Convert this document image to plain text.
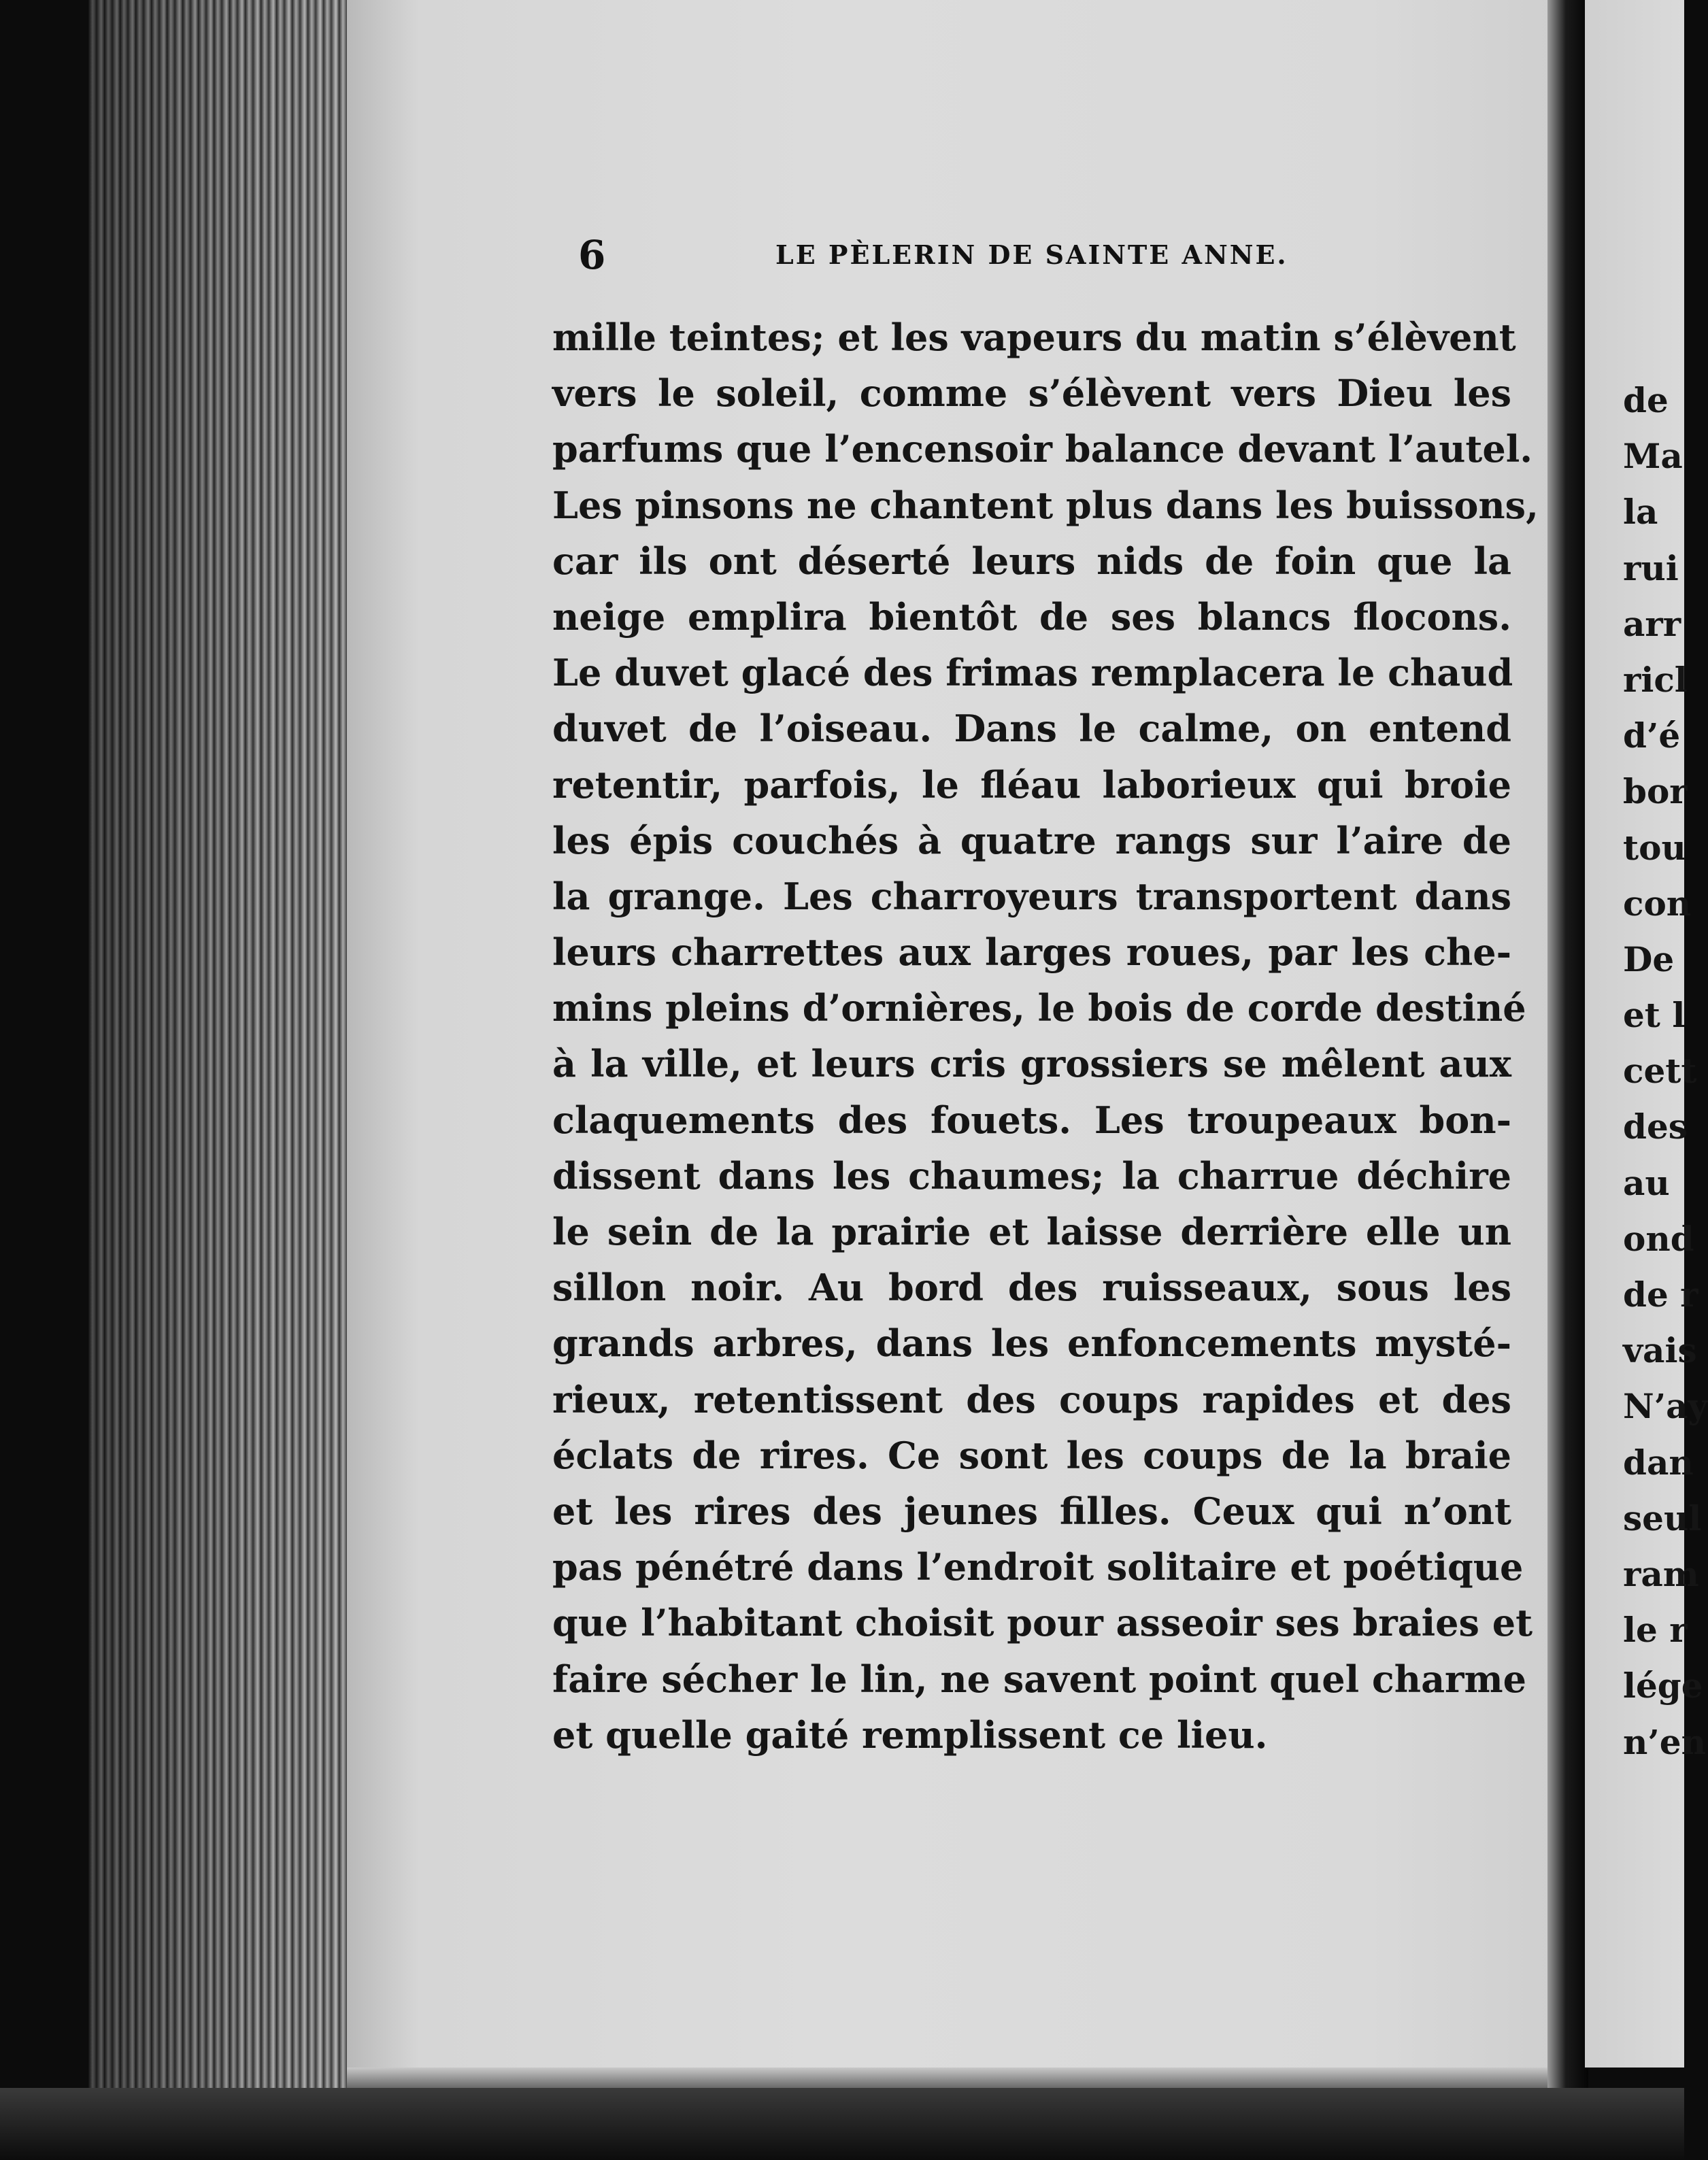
6	LE PÈLERIN DE SAINTE ANNE.
mille teintes; et les vapeurs du matin s’élèvent
vers le soleil, comme s’élèvent vers Dieu les
parfums que l’encensoir balance devant l’autel.
Les pinsons ne chantent plus dans les buissons,
car ils ont déserté leurs nids de foin que la
neige emplira bientôt de ses blancs flocons.
Le duvet glacé des frimas remplacera le chaud
duvet de l’oiseau. Dans le calme, on entend
retentir, parfois, le fléau laborieux qui broie
les épis couchés à quatre rangs sur l’aire de
la grange. Les charroyeurs transportent dans
leurs charrettes aux larges roues, par les che-
mins pleins d’ornières, le bois de corde destiné
à la ville, et leurs cris grossiers se mêlent aux
claquements des fouets. Les troupeaux bon-
dissent dans les chaumes; la charrue déchire
le sein de la prairie et laisse derrière elle un
sillon noir. Au bord des ruisseaux, sous les
grands arbres, dans les enfoncements mysté-
rieux, retentissent des coups rapides et des
éclats de rires. Ce sont les coups de la braie
et les rires des jeunes filles. Ceux qui n’ont
pas pénétré dans l’endroit solitaire et poétique
que l’habitant choisit pour asseoir ses braies et
faire sécher le lin, ne savent point quel charme
et quelle gaité remplissent ce lieu.
de
Ma
la
rui
arr
ricl
d’é
bor
tou
con
De
et l
cett
des
au
ond
de r
vais
N’ay
dan
seul
ram
le r
lége
n’en
